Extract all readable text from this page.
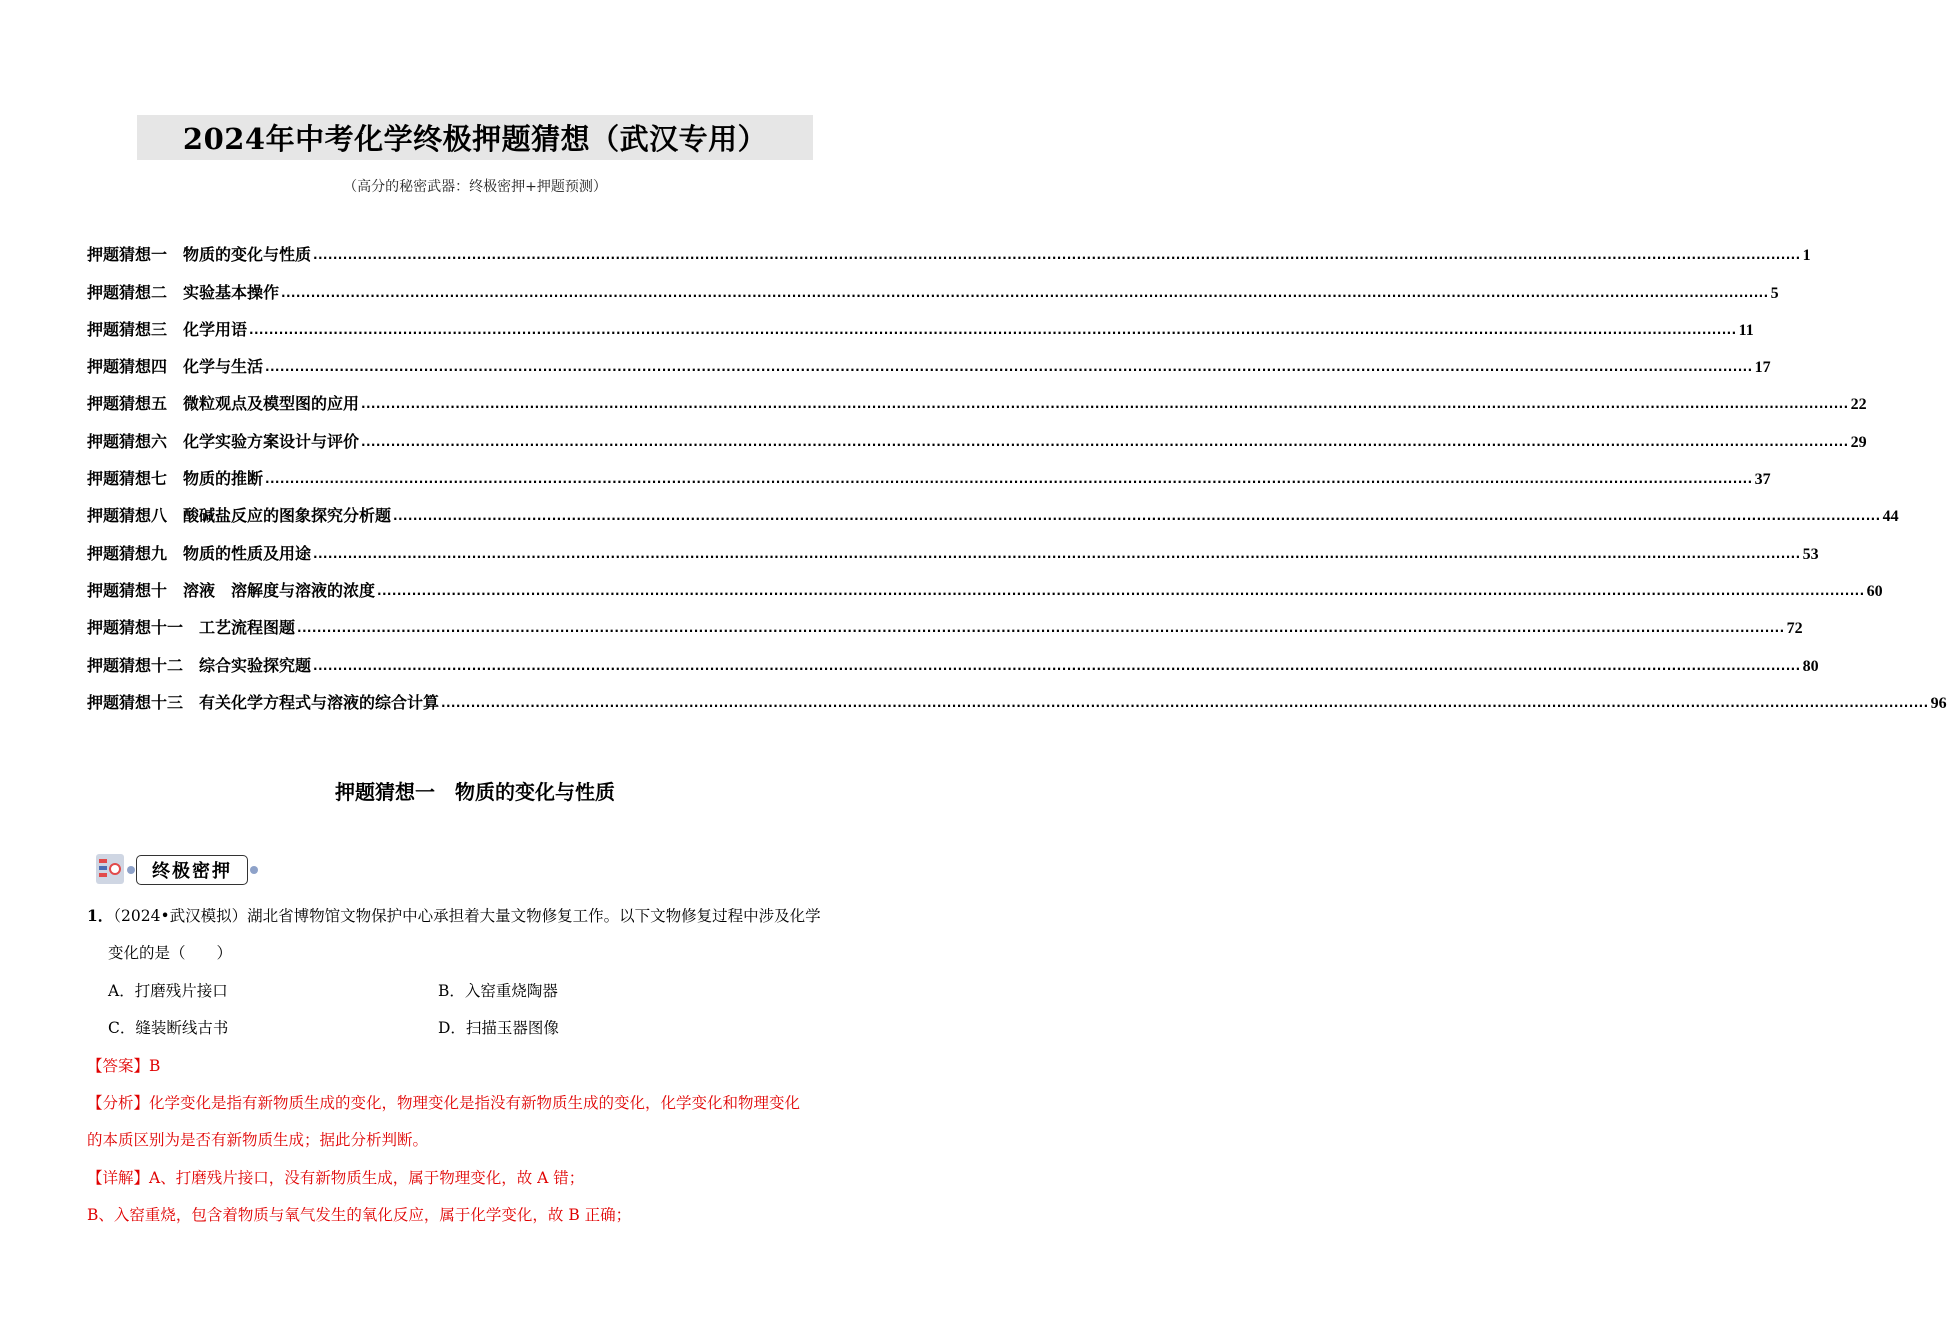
2024年中考化学终极押题猜想（武汉专用）
（高分的秘密武器：终极密押+押题预测）
押题猜想一　物质的变化与性质 ............................................................................................................................................................................................................................................................................................................ 1
押题猜想二　实验基本操作 ............................................................................................................................................................................................................................................................................................................ 5
押题猜想三　化学用语 ............................................................................................................................................................................................................................................................................................................ 11
押题猜想四　化学与生活 ............................................................................................................................................................................................................................................................................................................ 17
押题猜想五　微粒观点及模型图的应用 ............................................................................................................................................................................................................................................................................................................ 22
押题猜想六　化学实验方案设计与评价 ............................................................................................................................................................................................................................................................................................................ 29
押题猜想七　物质的推断 ............................................................................................................................................................................................................................................................................................................ 37
押题猜想八　酸碱盐反应的图象探究分析题 ............................................................................................................................................................................................................................................................................................................ 44
押题猜想九　物质的性质及用途 ............................................................................................................................................................................................................................................................................................................ 53
押题猜想十　溶液　溶解度与溶液的浓度 ............................................................................................................................................................................................................................................................................................................ 60
押题猜想十一　工艺流程图题 ............................................................................................................................................................................................................................................................................................................ 72
押题猜想十二　综合实验探究题 ............................................................................................................................................................................................................................................................................................................ 80
押题猜想十三　有关化学方程式与溶液的综合计算 ............................................................................................................................................................................................................................................................................................................ 96
押题猜想一　物质的变化与性质
终极密押
1．（2024•武汉模拟）湖北省博物馆文物保护中心承担着大量文物修复工作。以下文物修复过程中涉及化学
变化的是（　　）
A．打磨残片接口	B．入窑重烧陶器
C．缝装断线古书	D．扫描玉器图像
【答案】B
【分析】化学变化是指有新物质生成的变化，物理变化是指没有新物质生成的变化，化学变化和物理变化
的本质区别为是否有新物质生成；据此分析判断。
【详解】A、打磨残片接口，没有新物质生成，属于物理变化，故 A 错；
B、入窑重烧，包含着物质与氧气发生的氧化反应，属于化学变化，故 B 正确；
